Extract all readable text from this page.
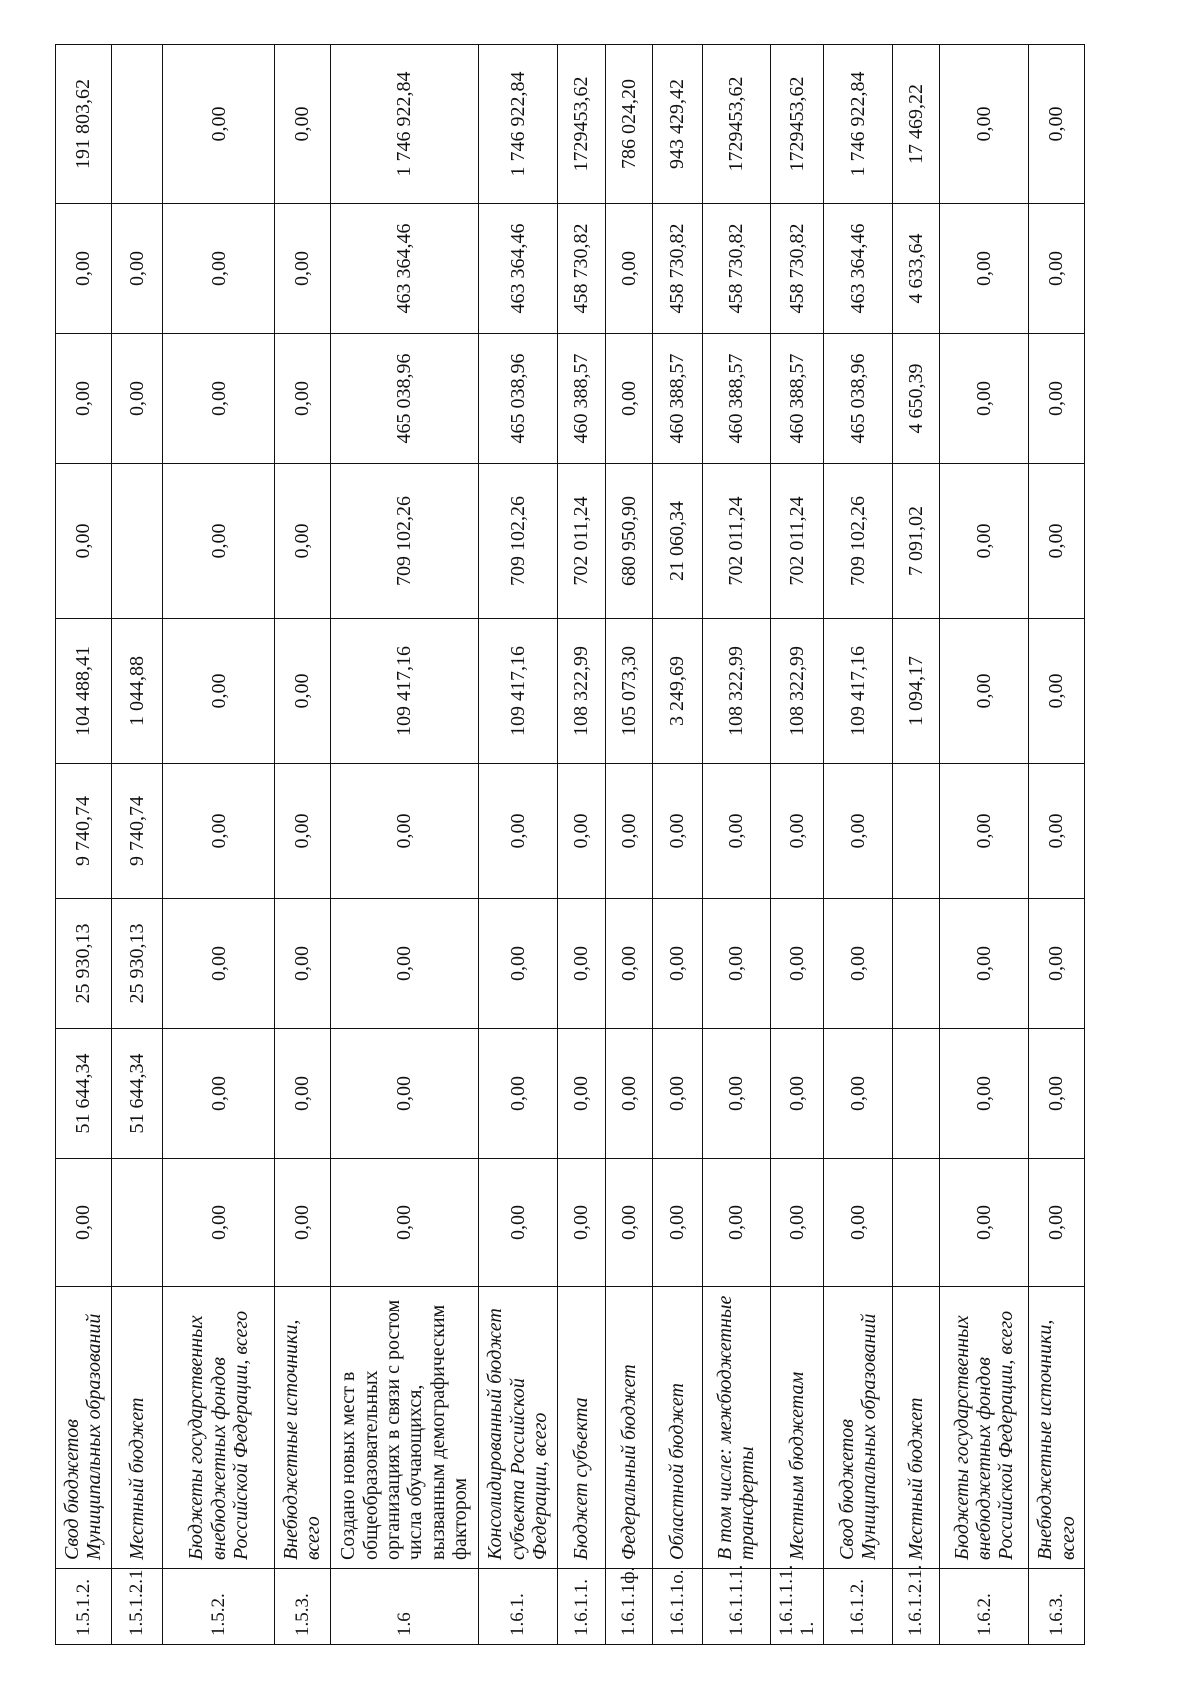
1.5.1.2.	Свод бюджетов Муниципальных образований	0,00	51 644,34	25 930,13	9 740,74	104 488,41	0,00	0,00	0,00	191 803,62
1.5.1.2.1	Местный бюджет		51 644,34	25 930,13	9 740,74	1 044,88		0,00	0,00	
1.5.2.	Бюджеты государственных внебюджетных фондов Российской Федерации, всего	0,00	0,00	0,00	0,00	0,00	0,00	0,00	0,00	0,00
1.5.3.	Внебюджетные источники, всего	0,00	0,00	0,00	0,00	0,00	0,00	0,00	0,00	0,00
1.6	Создано новых мест в общеобразовательных организациях в связи с ростом числа обучающихся, вызванным демографическим фактором	0,00	0,00	0,00	0,00	109 417,16	709 102,26	465 038,96	463 364,46	1 746 922,84
1.6.1.	Консолидированный бюджет субъекта Российской Федерации, всего	0,00	0,00	0,00	0,00	109 417,16	709 102,26	465 038,96	463 364,46	1 746 922,84
1.6.1.1.	Бюджет субъекта	0,00	0,00	0,00	0,00	108 322,99	702 011,24	460 388,57	458 730,82	1729453,62
1.6.1.1ф.	Федеральный бюджет	0,00	0,00	0,00	0,00	105 073,30	680 950,90	0,00	0,00	786 024,20
1.6.1.1о.	Областной бюджет	0,00	0,00	0,00	0,00	3 249,69	21 060,34	460 388,57	458 730,82	943 429,42
1.6.1.1.1.	В том числе: межбюджетные трансферты	0,00	0,00	0,00	0,00	108 322,99	702 011,24	460 388,57	458 730,82	1729453,62
1.6.1.1.1. 1.	Местным бюджетам	0,00	0,00	0,00	0,00	108 322,99	702 011,24	460 388,57	458 730,82	1729453,62
1.6.1.2.	Свод бюджетов Муниципальных образований	0,00	0,00	0,00	0,00	109 417,16	709 102,26	465 038,96	463 364,46	1 746 922,84
1.6.1.2.1.	Местный бюджет					1 094,17	7 091,02	4 650,39	4 633,64	17 469,22
1.6.2.	Бюджеты государственных внебюджетных фондов Российской Федерации, всего	0,00	0,00	0,00	0,00	0,00	0,00	0,00	0,00	0,00
1.6.3.	Внебюджетные источники, всего	0,00	0,00	0,00	0,00	0,00	0,00	0,00	0,00	0,00
